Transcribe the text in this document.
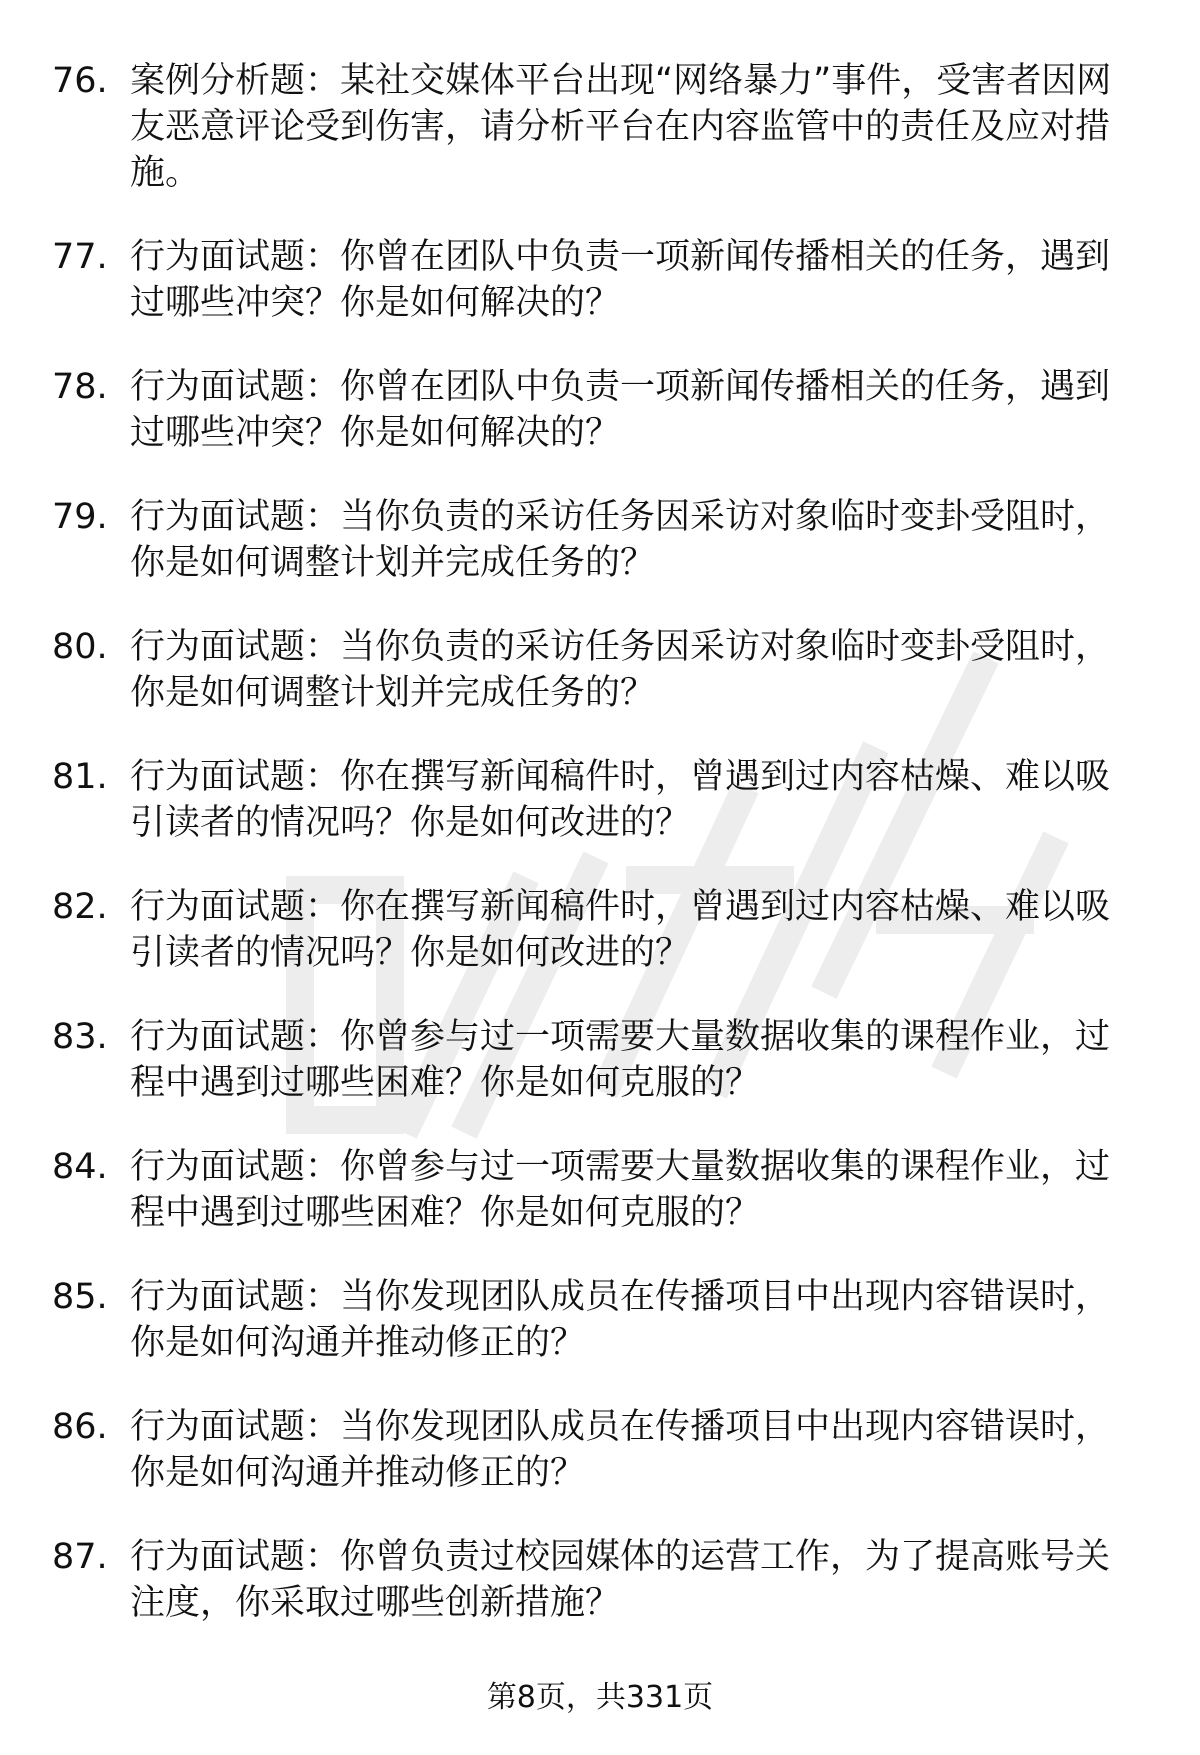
76. 案例分析题：某社交媒体平台出现“网络暴力”事件，受害者因网友恶意评论受到伤害，请分析平台在内容监管中的责任及应对措施。
77. 行为面试题：你曾在团队中负责一项新闻传播相关的任务，遇到过哪些冲突？你是如何解决的？
78. 行为面试题：你曾在团队中负责一项新闻传播相关的任务，遇到过哪些冲突？你是如何解决的？
79. 行为面试题：当你负责的采访任务因采访对象临时变卦受阻时，你是如何调整计划并完成任务的？
80. 行为面试题：当你负责的采访任务因采访对象临时变卦受阻时，你是如何调整计划并完成任务的？
81. 行为面试题：你在撰写新闻稿件时，曾遇到过内容枯燥、难以吸引读者的情况吗？你是如何改进的？
82. 行为面试题：你在撰写新闻稿件时，曾遇到过内容枯燥、难以吸引读者的情况吗？你是如何改进的？
83. 行为面试题：你曾参与过一项需要大量数据收集的课程作业，过程中遇到过哪些困难？你是如何克服的？
84. 行为面试题：你曾参与过一项需要大量数据收集的课程作业，过程中遇到过哪些困难？你是如何克服的？
85. 行为面试题：当你发现团队成员在传播项目中出现内容错误时，你是如何沟通并推动修正的？
86. 行为面试题：当你发现团队成员在传播项目中出现内容错误时，你是如何沟通并推动修正的？
87. 行为面试题：你曾负责过校园媒体的运营工作，为了提高账号关注度，你采取过哪些创新措施？
第8页，共331页
